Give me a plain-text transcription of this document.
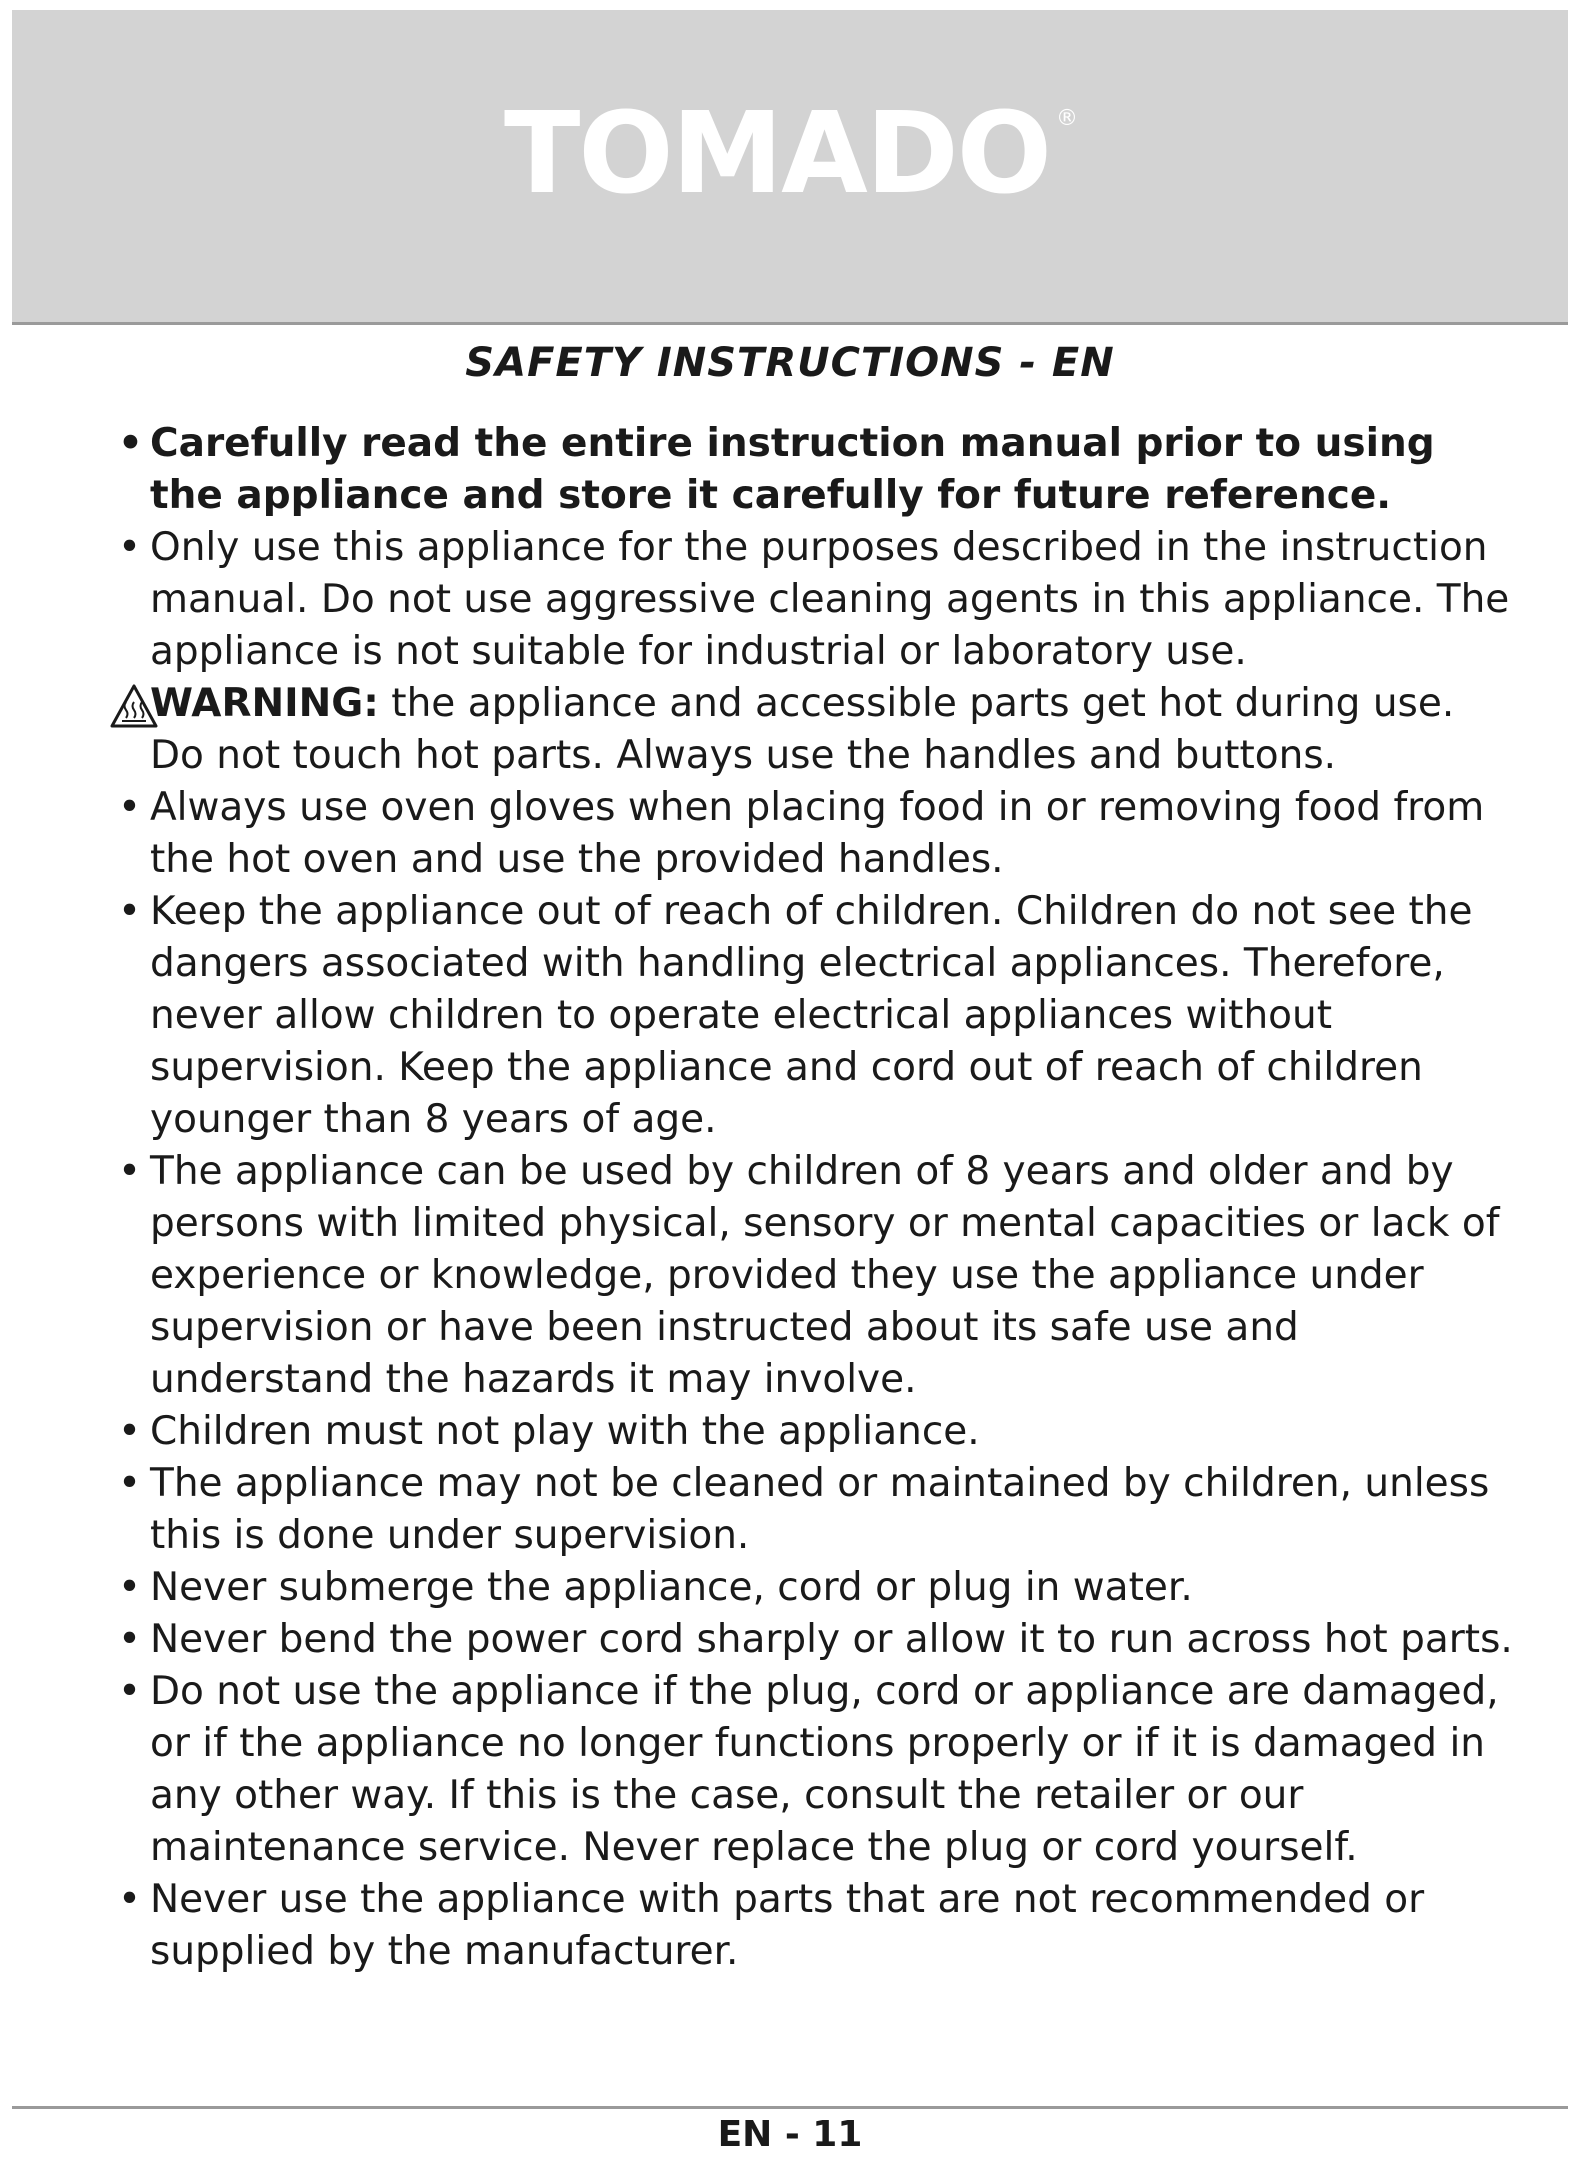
TOMADO ®
SAFETY INSTRUCTIONS - EN
• Carefully read the entire instruction manual prior to using the appliance and store it carefully for future reference.
• Only use this appliance for the purposes described in the instruction manual. Do not use aggressive cleaning agents in this appliance. The appliance is not suitable for industrial or laboratory use.
WARNING: the appliance and accessible parts get hot during use. Do not touch hot parts. Always use the handles and buttons.
• Always use oven gloves when placing food in or removing food from the hot oven and use the provided handles.
• Keep the appliance out of reach of children. Children do not see the dangers associated with handling electrical appliances. Therefore, never allow children to operate electrical appliances without supervision. Keep the appliance and cord out of reach of children younger than 8 years of age.
• The appliance can be used by children of 8 years and older and by persons with limited physical, sensory or mental capacities or lack of experience or knowledge, provided they use the appliance under supervision or have been instructed about its safe use and understand the hazards it may involve.
• Children must not play with the appliance.
• The appliance may not be cleaned or maintained by children, unless this is done under supervision.
• Never submerge the appliance, cord or plug in water.
• Never bend the power cord sharply or allow it to run across hot parts.
• Do not use the appliance if the plug, cord or appliance are damaged, or if the appliance no longer functions properly or if it is damaged in any other way. If this is the case, consult the retailer or our maintenance service. Never replace the plug or cord yourself.
• Never use the appliance with parts that are not recommended or supplied by the manufacturer.
EN - 11
